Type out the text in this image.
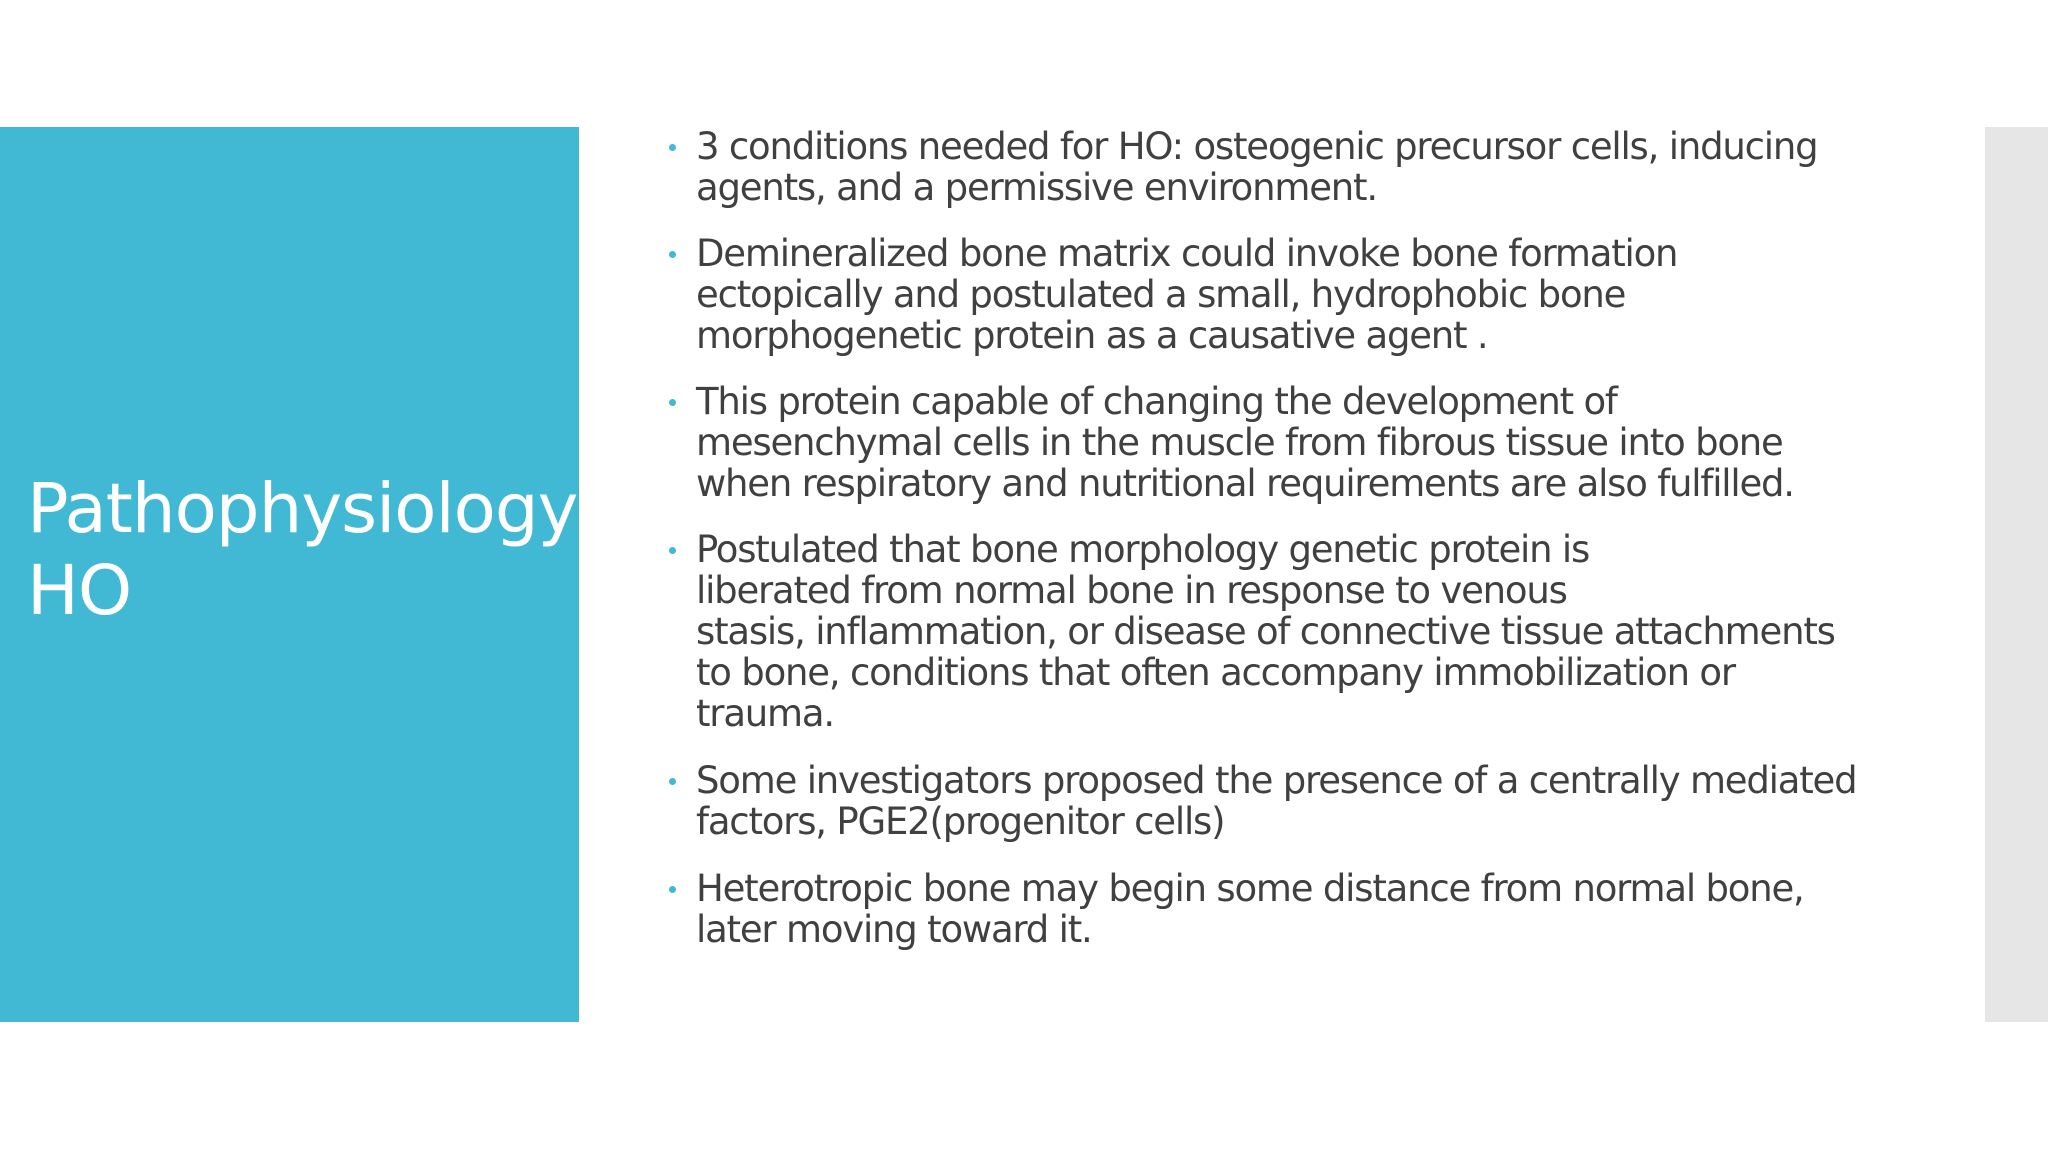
Pathophysiology
HO
3 conditions needed for HO: osteogenic precursor cells, inducing
agents, and a permissive environment.
Demineralized bone matrix could invoke bone formation
ectopically and postulated a small, hydrophobic bone
morphogenetic protein as a causative agent .
This protein capable of changing the development of
mesenchymal cells in the muscle from fibrous tissue into bone
when respiratory and nutritional requirements are also fulfilled.
Postulated that bone morphology genetic protein is
liberated from normal bone in response to venous
stasis, inflammation, or disease of connective tissue attachments
to bone, conditions that often accompany immobilization or
trauma.
Some investigators proposed the presence of a centrally mediated
factors, PGE2(progenitor cells)
Heterotropic bone may begin some distance from normal bone,
later moving toward it.
